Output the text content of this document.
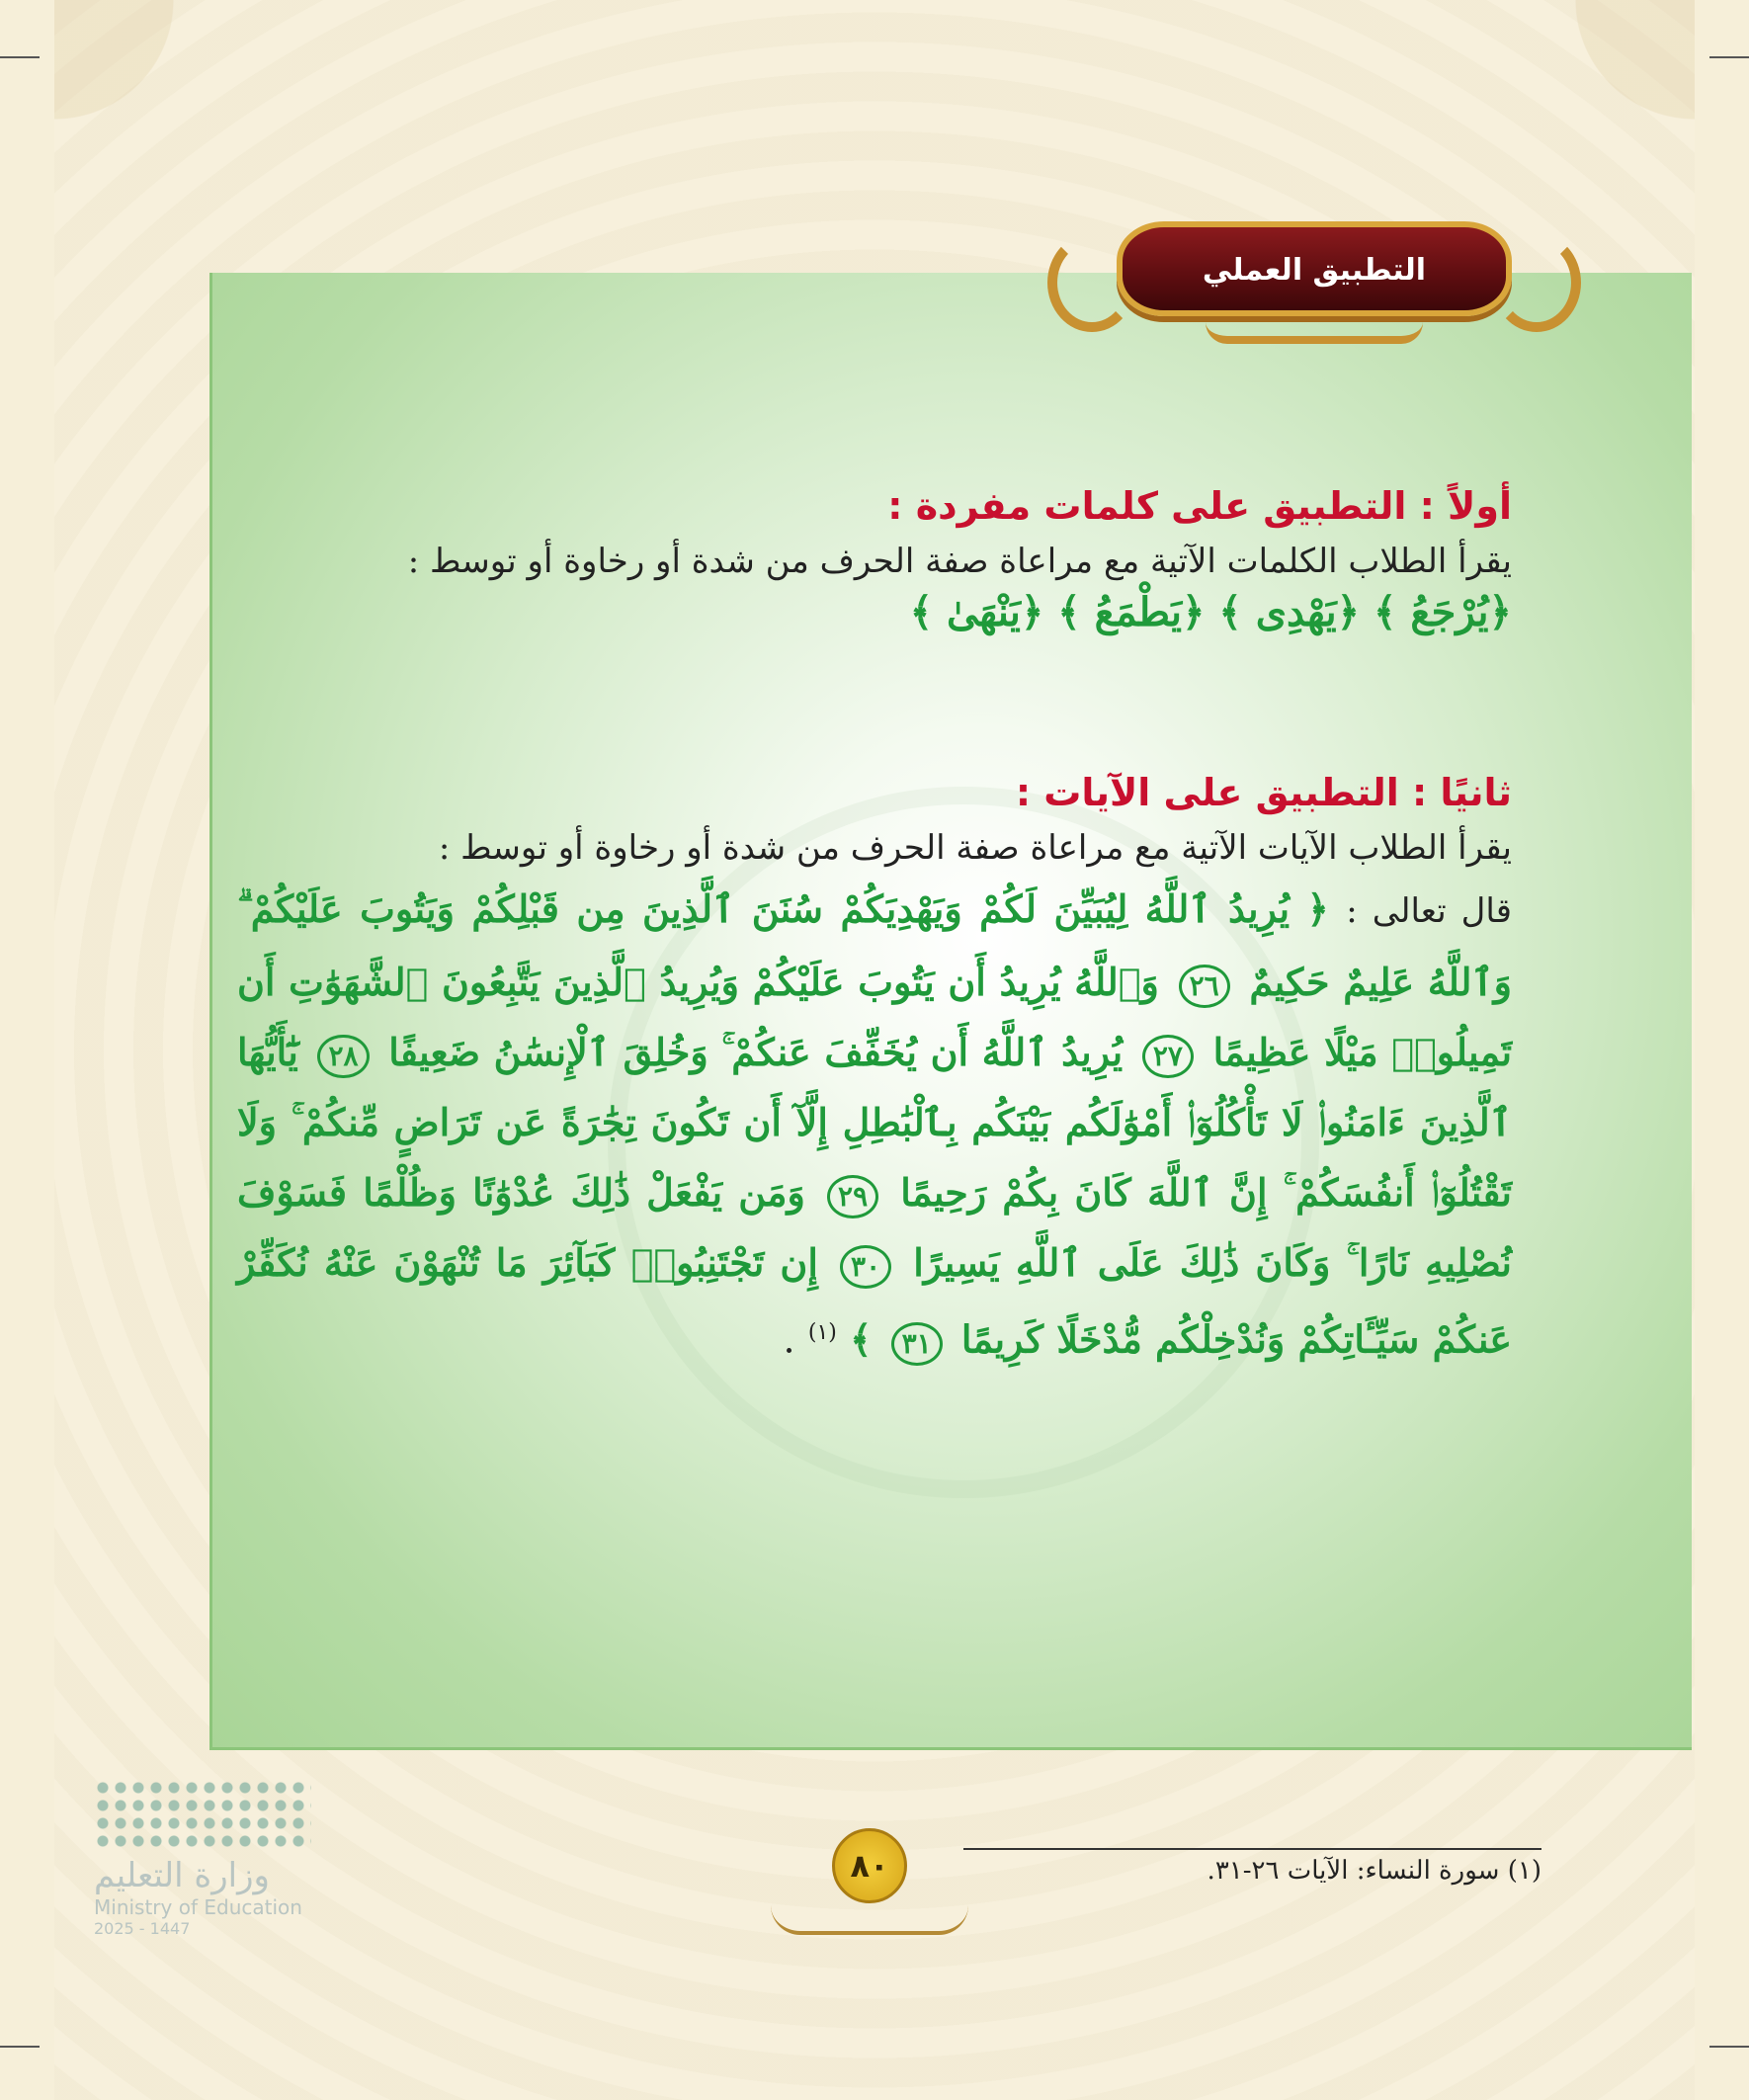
التطبيق العملي
أولاً : التطبيق على كلمات مفردة :
يقرأ الطلاب الكلمات الآتية مع مراعاة صفة الحرف من شدة أو رخاوة أو توسط :
﴿يُرْجَعُ ﴾ ﴿يَهْدِى ﴾ ﴿يَطْمَعُ ﴾ ﴿يَنْهَىٰ ﴾
ثانيًا : التطبيق على الآيات :
يقرأ الطلاب الآيات الآتية مع مراعاة صفة الحرف من شدة أو رخاوة أو توسط :
قال تعالى : ﴿ يُرِيدُ ٱللَّهُ لِيُبَيِّنَ لَكُمْ وَيَهْدِيَكُمْ سُنَنَ ٱلَّذِينَ مِن قَبْلِكُمْ وَيَتُوبَ عَلَيْكُمْ ۗ وَٱللَّهُ عَلِيمٌ حَكِيمٌ ٢٦ وَٱللَّهُ يُرِيدُ أَن يَتُوبَ عَلَيْكُمْ وَيُرِيدُ ٱلَّذِينَ يَتَّبِعُونَ ٱلشَّهَوَٰتِ أَن تَمِيلُوا۟ مَيْلًا عَظِيمًا ٢٧ يُرِيدُ ٱللَّهُ أَن يُخَفِّفَ عَنكُمْ ۚ وَخُلِقَ ٱلْإِنسَٰنُ ضَعِيفًا ٢٨ يَٰٓأَيُّهَا ٱلَّذِينَ ءَامَنُوا۟ لَا تَأْكُلُوٓا۟ أَمْوَٰلَكُم بَيْنَكُم بِٱلْبَٰطِلِ إِلَّآ أَن تَكُونَ تِجَٰرَةً عَن تَرَاضٍ مِّنكُمْ ۚ وَلَا تَقْتُلُوٓا۟ أَنفُسَكُمْ ۚ إِنَّ ٱللَّهَ كَانَ بِكُمْ رَحِيمًا ٢٩ وَمَن يَفْعَلْ ذَٰلِكَ عُدْوَٰنًا وَظُلْمًا فَسَوْفَ نُصْلِيهِ نَارًا ۚ وَكَانَ ذَٰلِكَ عَلَى ٱللَّهِ يَسِيرًا ٣٠ إِن تَجْتَنِبُوا۟ كَبَآئِرَ مَا تُنْهَوْنَ عَنْهُ نُكَفِّرْ عَنكُمْ سَيِّـَٔاتِكُمْ وَنُدْخِلْكُم مُّدْخَلًا كَرِيمًا ٣١ ﴾ $^{(١)}$ .
(١) سورة النساء: الآيات ٢٦-٣١.
٨٠
وزارة التعليم
Ministry of Education
2025 - 1447
